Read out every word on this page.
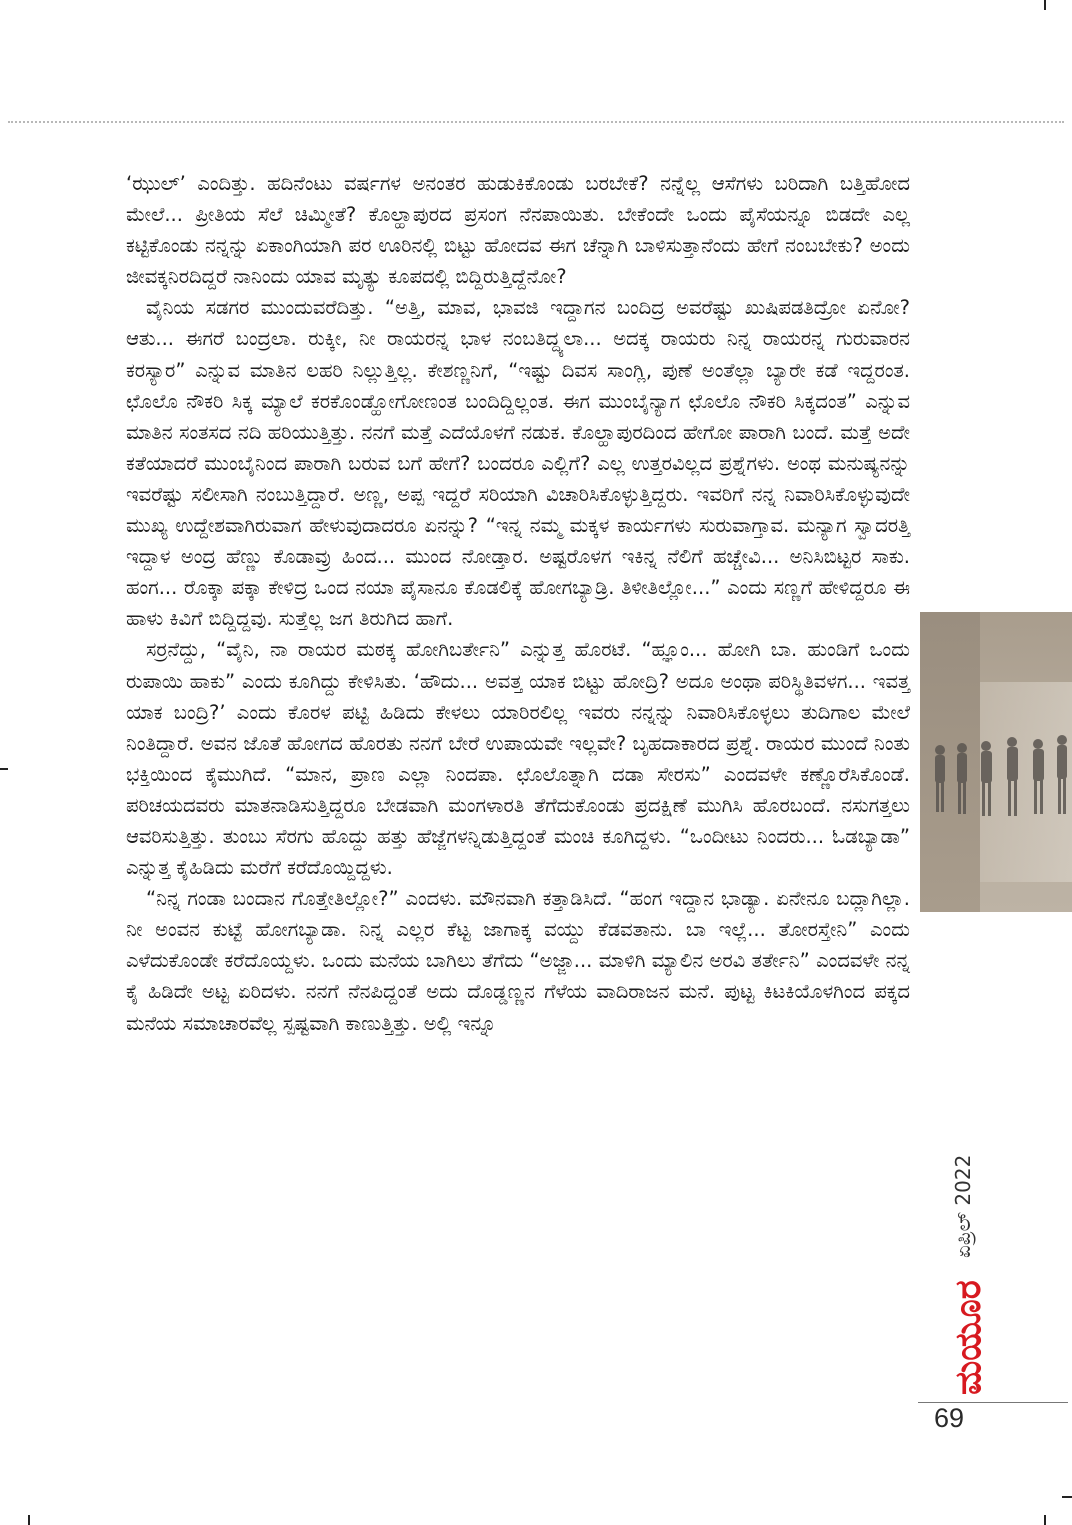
‘ಝುಲ್’ ಎಂದಿತ್ತು. ಹದಿನೆಂಟು ವರ್ಷಗಳ ಅನಂತರ ಹುಡುಕಿಕೊಂಡು ಬರಬೇಕೆ? ನನ್ನೆಲ್ಲ ಆಸೆಗಳು ಬರಿದಾಗಿ ಬತ್ತಿಹೋದ ಮೇಲೆ... ಪ್ರೀತಿಯ ಸೆಲೆ ಚಿಮ್ಮೀತೆ? ಕೊಲ್ಹಾಪುರದ ಪ್ರಸಂಗ ನೆನಪಾಯಿತು. ಬೇಕೆಂದೇ ಒಂದು ಪೈಸೆಯನ್ನೂ ಬಿಡದೇ ಎಲ್ಲ ಕಟ್ಟಿಕೊಂಡು ನನ್ನನ್ನು ಏಕಾಂಗಿಯಾಗಿ ಪರ ಊರಿನಲ್ಲಿ ಬಿಟ್ಟು ಹೋದವ ಈಗ ಚೆನ್ನಾಗಿ ಬಾಳಿಸುತ್ತಾನೆಂದು ಹೇಗೆ ನಂಬಬೇಕು? ಅಂದು ಜೀವಕ್ಕನಿರದಿದ್ದರೆ ನಾನಿಂದು ಯಾವ ಮೃತ್ಯು ಕೂಪದಲ್ಲಿ ಬಿದ್ದಿರುತ್ತಿದ್ದೆನೋ?

ವೈನಿಯ ಸಡಗರ ಮುಂದುವರೆದಿತ್ತು. “ಅತ್ತಿ, ಮಾವ, ಭಾವಜಿ ಇದ್ದಾಗನ ಬಂದಿದ್ರ ಅವರೆಷ್ಟು ಖುಷಿಪಡತಿದ್ರೋ ಏನೋ? ಆತು... ಈಗರೆ ಬಂದ್ರಲಾ. ರುಕ್ಕೀ, ನೀ ರಾಯರನ್ನ ಭಾಳ ನಂಬತಿದ್ದ್ಯಲಾ... ಅದಕ್ಕ ರಾಯರು ನಿನ್ನ ರಾಯರನ್ನ ಗುರುವಾರನ ಕರಸ್ಯಾರ” ಎನ್ನುವ ಮಾತಿನ ಲಹರಿ ನಿಲ್ಲುತ್ತಿಲ್ಲ. ಕೇಶಣ್ಣನಿಗೆ, “ಇಷ್ಟು ದಿವಸ ಸಾಂಗ್ಲಿ, ಪುಣೆ ಅಂತೆಲ್ಲಾ ಬ್ಯಾರೇ ಕಡೆ ಇದ್ದರಂತ. ಛೊಲೊ ನೌಕರಿ ಸಿಕ್ಕ ಮ್ಯಾಲೆ ಕರಕೊಂಡ್ಹೋಗೋಣಂತ ಬಂದಿದ್ದಿಲ್ಲಂತ. ಈಗ ಮುಂಬೈನ್ಯಾಗ ಛೊಲೊ ನೌಕರಿ ಸಿಕ್ಕದಂತ” ಎನ್ನುವ ಮಾತಿನ ಸಂತಸದ ನದಿ ಹರಿಯುತ್ತಿತ್ತು. ನನಗೆ ಮತ್ತೆ ಎದೆಯೊಳಗೆ ನಡುಕ. ಕೊಲ್ಹಾಪುರದಿಂದ ಹೇಗೋ ಪಾರಾಗಿ ಬಂದೆ. ಮತ್ತೆ ಅದೇ ಕತೆಯಾದರೆ ಮುಂಬೈನಿಂದ ಪಾರಾಗಿ ಬರುವ ಬಗೆ ಹೇಗೆ? ಬಂದರೂ ಎಲ್ಲಿಗೆ? ಎಲ್ಲ ಉತ್ತರವಿಲ್ಲದ ಪ್ರಶ್ನೆಗಳು. ಅಂಥ ಮನುಷ್ಯನನ್ನು ಇವರೆಷ್ಟು ಸಲೀಸಾಗಿ ನಂಬುತ್ತಿದ್ದಾರೆ. ಅಣ್ಣ, ಅಪ್ಪ ಇದ್ದರೆ ಸರಿಯಾಗಿ ವಿಚಾರಿಸಿಕೊಳ್ಳುತ್ತಿದ್ದರು. ಇವರಿಗೆ ನನ್ನ ನಿವಾರಿಸಿಕೊಳ್ಳುವುದೇ ಮುಖ್ಯ ಉದ್ದೇಶವಾಗಿರುವಾಗ ಹೇಳುವುದಾದರೂ ಏನನ್ನು? “ಇನ್ನ ನಮ್ಮ ಮಕ್ಕಳ ಕಾರ್ಯಗಳು ಸುರುವಾಗ್ತಾವ. ಮನ್ಯಾಗ ಸ್ವಾದರತ್ತಿ ಇದ್ದಾಳ ಅಂದ್ರ ಹೆಣ್ಣು ಕೊಡಾವ್ರು ಹಿಂದ... ಮುಂದ ನೋಡ್ತಾರ. ಅಷ್ಟರೊಳಗ ಇಕಿನ್ನ ನೆಲಿಗೆ ಹಚ್ಚೇವಿ... ಅನಿಸಿಬಿಟ್ಟರ ಸಾಕು. ಹಂಗ... ರೊಕ್ಕಾ ಪಕ್ಕಾ ಕೇಳಿದ್ರ ಒಂದ ನಯಾ ಪೈಸಾನೂ ಕೊಡಲಿಕ್ಕೆ ಹೋಗಬ್ಯಾಡ್ರಿ. ತಿಳೀತಿಲ್ಲೋ...” ಎಂದು ಸಣ್ಣಗೆ ಹೇಳಿದ್ದರೂ ಈ ಹಾಳು ಕಿವಿಗೆ ಬಿದ್ದಿದ್ದವು. ಸುತ್ತೆಲ್ಲ ಜಗ ತಿರುಗಿದ ಹಾಗೆ.

ಸರ್ರನೆದ್ದು, “ವೈನಿ, ನಾ ರಾಯರ ಮಠಕ್ಕ ಹೋಗಿಬರ್ತೇನಿ” ಎನ್ನುತ್ತ ಹೊರಟೆ. “ಹ್ಞೂಂ... ಹೋಗಿ ಬಾ. ಹುಂಡಿಗೆ ಒಂದು ರುಪಾಯಿ ಹಾಕು” ಎಂದು ಕೂಗಿದ್ದು ಕೇಳಿಸಿತು. ‘ಹೌದು... ಅವತ್ತ ಯಾಕ ಬಿಟ್ಟು ಹೋದ್ರಿ? ಅದೂ ಅಂಥಾ ಪರಿಸ್ಥಿತಿವಳಗ... ಇವತ್ತ ಯಾಕ ಬಂದ್ರಿ?’ ಎಂದು ಕೊರಳ ಪಟ್ಟಿ ಹಿಡಿದು ಕೇಳಲು ಯಾರಿರಲಿಲ್ಲ ಇವರು ನನ್ನನ್ನು ನಿವಾರಿಸಿಕೊಳ್ಳಲು ತುದಿಗಾಲ ಮೇಲೆ ನಿಂತಿದ್ದಾರೆ. ಅವನ ಜೊತೆ ಹೋಗದ ಹೊರತು ನನಗೆ ಬೇರೆ ಉಪಾಯವೇ ಇಲ್ಲವೇ? ಬೃಹದಾಕಾರದ ಪ್ರಶ್ನೆ. ರಾಯರ ಮುಂದೆ ನಿಂತು ಭಕ್ತಿಯಿಂದ ಕೈಮುಗಿದೆ. “ಮಾನ, ಪ್ರಾಣ ಎಲ್ಲಾ ನಿಂದಪಾ. ಛೊಲೊತ್ನಾಗಿ ದಡಾ ಸೇರಸು” ಎಂದವಳೇ ಕಣ್ಣೊರೆಸಿಕೊಂಡೆ. ಪರಿಚಯದವರು ಮಾತನಾಡಿಸುತ್ತಿದ್ದರೂ ಬೇಡವಾಗಿ ಮಂಗಳಾರತಿ ತೆಗೆದುಕೊಂಡು ಪ್ರದಕ್ಷಿಣೆ ಮುಗಿಸಿ ಹೊರಬಂದೆ. ನಸುಗತ್ತಲು ಆವರಿಸುತ್ತಿತ್ತು. ತುಂಬು ಸೆರಗು ಹೊದ್ದು ಹತ್ತು ಹೆಜ್ಜೆಗಳನ್ನಿಡುತ್ತಿದ್ದಂತೆ ಮಂಚಿ ಕೂಗಿದ್ದಳು. “ಒಂದೀಟು ನಿಂದರು... ಓಡಬ್ಯಾಡಾ” ಎನ್ನುತ್ತ ಕೈಹಿಡಿದು ಮರೆಗೆ ಕರೆದೊಯ್ದಿದ್ದಳು.

“ನಿನ್ನ ಗಂಡಾ ಬಂದಾನ ಗೊತ್ತೇತಿಲ್ಲೋ?” ಎಂದಳು. ಮೌನವಾಗಿ ಕತ್ತಾಡಿಸಿದೆ. “ಹಂಗ ಇದ್ದಾನ ಭಾಡ್ಯಾ. ಏನೇನೂ ಬದ್ಲಾಗಿಲ್ಲಾ. ನೀ ಅಂವನ ಕುಟ್ಟೆ ಹೋಗಬ್ಯಾಡಾ. ನಿನ್ನ ಎಲ್ಲರ ಕೆಟ್ಟ ಜಾಗಾಕ್ಕ ವಯ್ದು ಕೆಡವತಾನು. ಬಾ ಇಲ್ಲೆ... ತೋರಸ್ತೇನಿ” ಎಂದು ಎಳೆದುಕೊಂಡೇ ಕರೆದೊಯ್ದಳು. ಒಂದು ಮನೆಯ ಬಾಗಿಲು ತೆಗೆದು “ಅಜ್ಜಾ... ಮಾಳಿಗಿ ಮ್ಯಾಲಿನ ಅರವಿ ತರ್ತೇನಿ” ಎಂದವಳೇ ನನ್ನ ಕೈ ಹಿಡಿದೇ ಅಟ್ಟ ಏರಿದಳು. ನನಗೆ ನೆನಪಿದ್ದಂತೆ ಅದು ದೊಡ್ಡಣ್ಣನ ಗೆಳೆಯ ವಾದಿರಾಜನ ಮನೆ. ಪುಟ್ಟ ಕಿಟಕಿಯೊಳಗಿಂದ ಪಕ್ಕದ ಮನೆಯ ಸಮಾಚಾರವೆಲ್ಲ ಸ್ಪಷ್ಟವಾಗಿ ಕಾಣುತ್ತಿತ್ತು. ಅಲ್ಲಿ ಇನ್ನೂ

ಏಪ್ರಿಲ್ 2022
ಮಯೂರ
69
